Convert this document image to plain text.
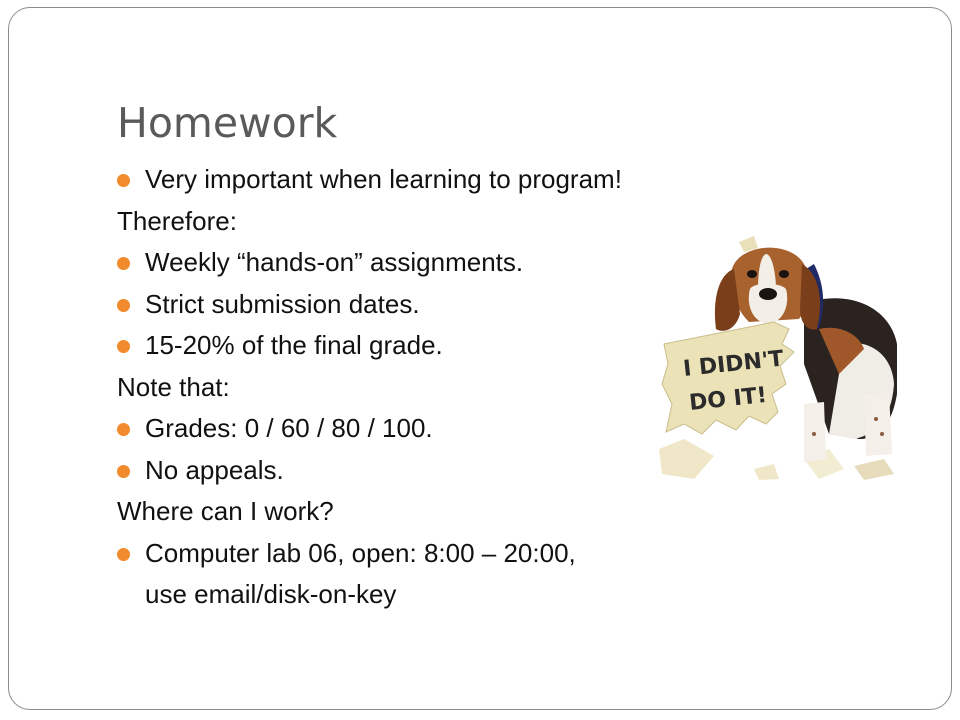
Homework
Very important when learning to program!
Therefore:
Weekly “hands-on” assignments.
Strict submission dates.
15-20% of the final grade.
Note that:
Grades: 0 / 60 / 80 / 100.
No appeals.
Where can I work?
Computer lab 06, open: 8:00 – 20:00,
use email/disk-on-key
I DIDN'T
DO IT!
